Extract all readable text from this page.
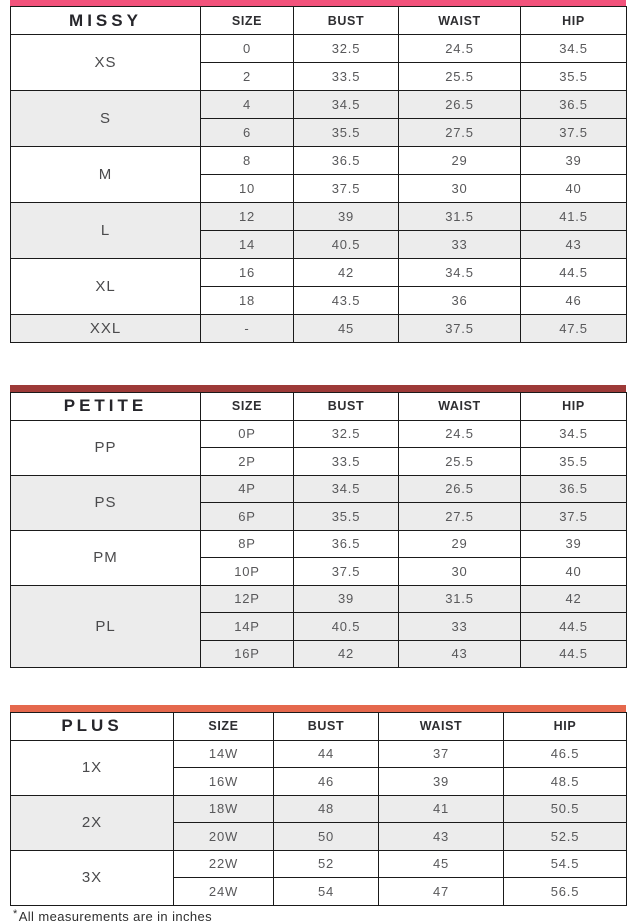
MISSY	SIZE	BUST	WAIST	HIP
XS	0	32.5	24.5	34.5
	2	33.5	25.5	35.5
S	4	34.5	26.5	36.5
	6	35.5	27.5	37.5
M	8	36.5	29	39
	10	37.5	30	40
L	12	39	31.5	41.5
	14	40.5	33	43
XL	16	42	34.5	44.5
	18	43.5	36	46
XXL	-	45	37.5	47.5
PETITE	SIZE	BUST	WAIST	HIP
PP	0P	32.5	24.5	34.5
	2P	33.5	25.5	35.5
PS	4P	34.5	26.5	36.5
	6P	35.5	27.5	37.5
PM	8P	36.5	29	39
	10P	37.5	30	40
PL	12P	39	31.5	42
	14P	40.5	33	44.5
	16P	42	43	44.5
PLUS	SIZE	BUST	WAIST	HIP
1X	14W	44	37	46.5
	16W	46	39	48.5
2X	18W	48	41	50.5
	20W	50	43	52.5
3X	22W	52	45	54.5
	24W	54	47	56.5

*All measurements are in inches
